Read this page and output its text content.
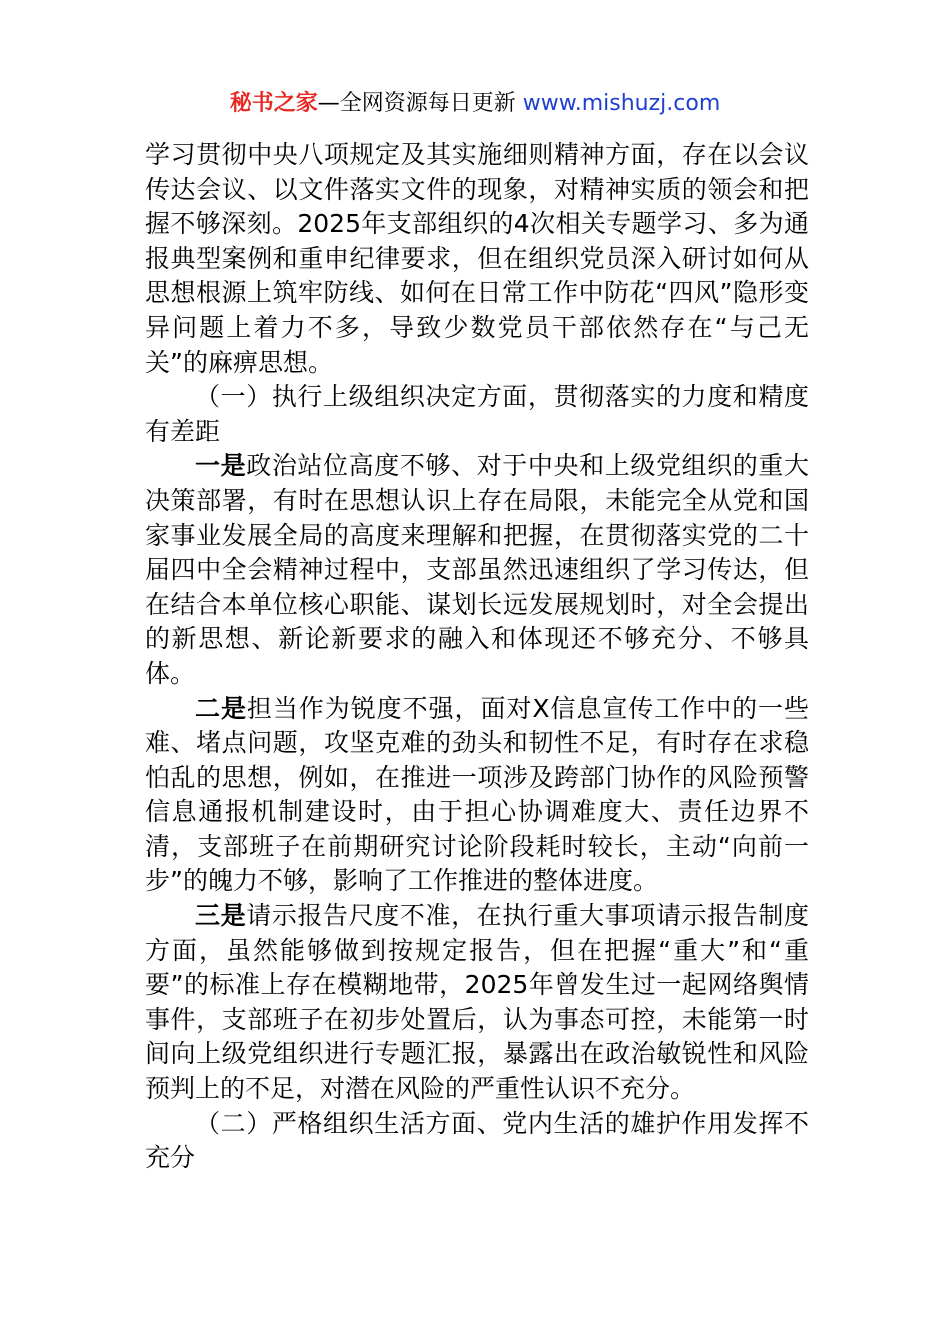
秘书之家—全网资源每日更新 www.mishuzj.com

学习贯彻中央八项规定及其实施细则精神方面，存在以会议传达会议、以文件落实文件的现象，对精神实质的领会和把握不够深刻。2025年支部组织的4次相关专题学习、多为通报典型案例和重申纪律要求，但在组织党员深入研讨如何从思想根源上筑牢防线、如何在日常工作中防花“四风”隐形变异问题上着力不多，导致少数党员干部依然存在“与己无关”的麻痹思想。

（一）执行上级组织决定方面，贯彻落实的力度和精度有差距

一是政治站位高度不够、对于中央和上级党组织的重大决策部署，有时在思想认识上存在局限，未能完全从党和国家事业发展全局的高度来理解和把握，在贯彻落实党的二十届四中全会精神过程中，支部虽然迅速组织了学习传达，但在结合本单位核心职能、谋划长远发展规划时，对全会提出的新思想、新论新要求的融入和体现还不够充分、不够具体。

二是担当作为锐度不强，面对X信息宣传工作中的一些难、堵点问题，攻坚克难的劲头和韧性不足，有时存在求稳怕乱的思想，例如，在推进一项涉及跨部门协作的风险预警信息通报机制建设时，由于担心协调难度大、责任边界不清，支部班子在前期研究讨论阶段耗时较长，主动“向前一步”的魄力不够，影响了工作推进的整体进度。

三是请示报告尺度不准，在执行重大事项请示报告制度方面，虽然能够做到按规定报告，但在把握“重大”和“重要”的标准上存在模糊地带，2025年曾发生过一起网络舆情事件，支部班子在初步处置后，认为事态可控，未能第一时间向上级党组织进行专题汇报，暴露出在政治敏锐性和风险预判上的不足，对潜在风险的严重性认识不充分。

（二）严格组织生活方面、党内生活的雄护作用发挥不充分
